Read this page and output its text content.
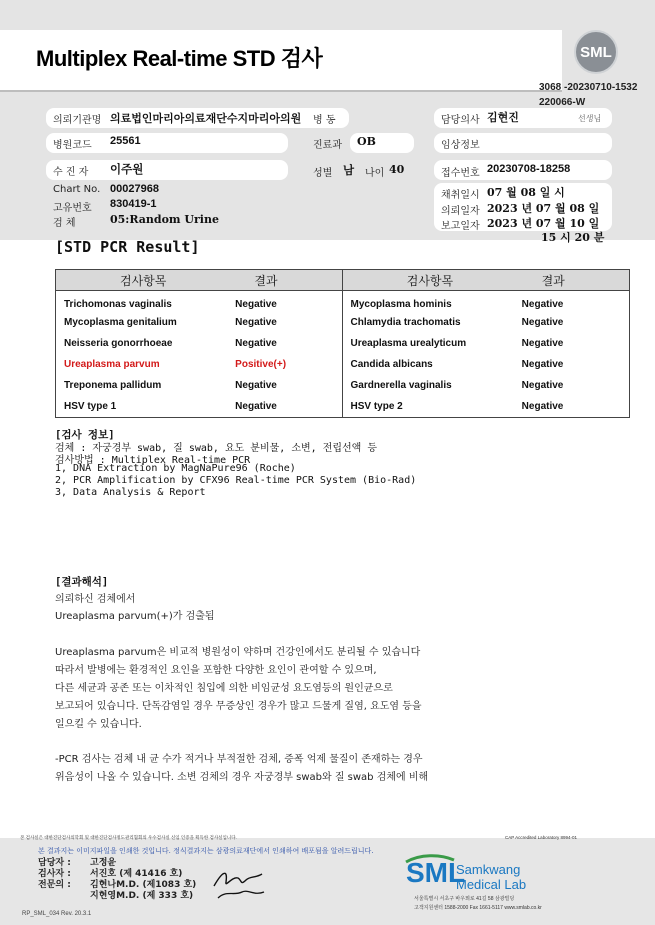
Multiplex Real-time STD 검사	SML
3068 -20230710-1532
220066-W
의뢰기관명 의료법인마리아의료재단수지마리아의원 병 동	담당의사 김현진	선생님
병원코드 25561	진료과 OB	임상정보
수 진 자 이주원	성별 남 나이 40	접수번호 20230708-18258
Chart No. 00027968
고유번호 830419-1
검 체	05:Random Urine
채취일시 07 월 08 일 시
의뢰일자 2023 년 07 월 08 일
보고일자 2023 년 07 월 10 일
15 시 20 분
[STD PCR Result]
검사항목 결과		검사항목 결과	

Trichomonas vaginalis	Negative	Mycoplasma hominis	Negative
Mycoplasma genitalium	Negative	Chlamydia trachomatis	Negative
Neisseria gonorrhoeae	Negative	Ureaplasma urealyticum	Negative
Ureaplasma parvum	Positive(+)	Candida albicans	Negative
Treponema pallidum	Negative	Gardnerella vaginalis	Negative
HSV type 1	Negative	HSV type 2	Negative
[검사 정보]
검체 : 자궁경부 swab, 질 swab, 요도 분비물, 소변, 전립선액 등
검사방법 : Multiplex Real-time PCR
1, DNA Extraction by MagNaPure96 (Roche)
2, PCR Amplification by CFX96 Real-time PCR System (Bio-Rad)
3, Data Analysis & Report
[결과해석]
의뢰하신 검체에서
Ureaplasma parvum(+)가 검출됨
Ureaplasma parvum은 비교적 병원성이 약하며 건강인에서도 분리될 수 있습니다
따라서 발병에는 환경적인 요인을 포함한 다양한 요인이 관여할 수 있으며,
다른 세균과 공존 또는 이차적인 침입에 의한 비임균성 요도염등의 원인균으로
보고되어 있습니다. 단독감염일 경우 무증상인 경우가 많고 드물게 질염, 요도염 등을
일으킬 수 있습니다.
-PCR 검사는 검체 내 균 수가 적거나 부적절한 검체, 증폭 억제 물질이 존재하는 경우
위음성이 나올 수 있습니다. 소변 검체의 경우 자궁경부 swab와 질 swab 검체에 비해
본 검사실은 대한진단검사의학회 및 대한진단검사정도관리협회의 우수검사실 신임 인증을 획득한 검사실입니다.	CAP Accredited Laboratory 8994-01
본 결과지는 이미지파일을 인쇄한 것입니다. 정식결과지는 삼광의료재단에서 인쇄하여 배포됨을 알려드립니다.
담당자 : 고정윤
검사자 : 서진호 (제 41416 호)
전문의 : 김현나M.D. (제1083 호)
지현영M.D. (제 333 호)
SML
Samkwang
Medical Lab
서울특별시 서초구 바우뫼로 41길 58 삼광빌딩
고객지원센터 1588-2000 Fax 1661-5117 www.smlab.co.kr
RP_SML_034 Rev. 20.3.1
